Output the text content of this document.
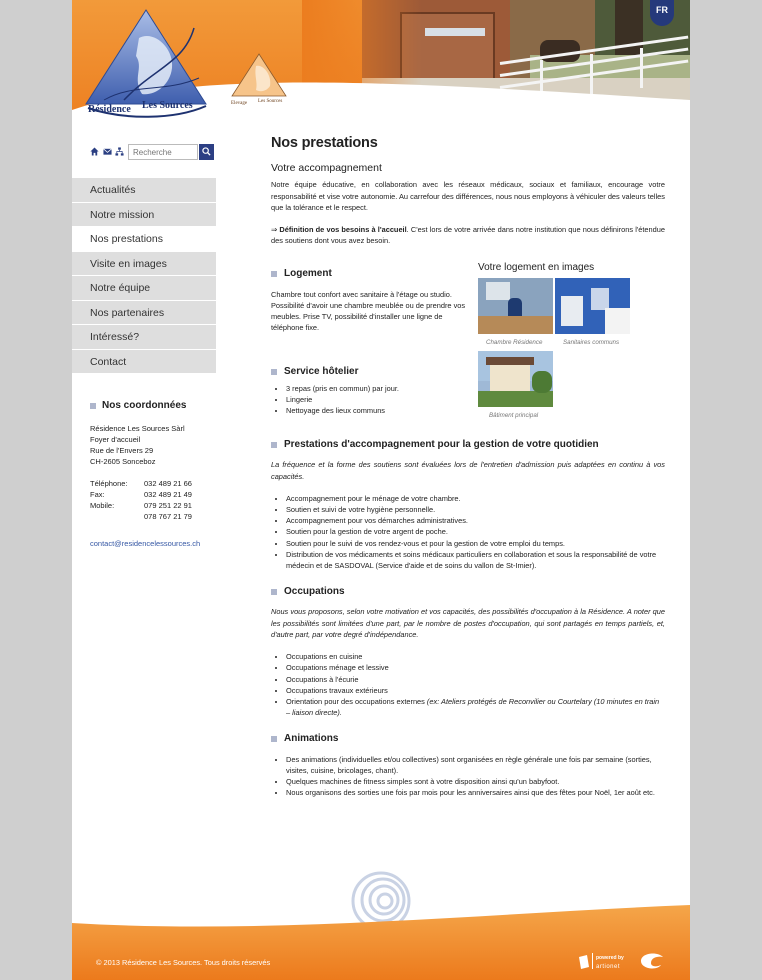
Résidence Les Sources	Elevage Les Sources
FR
Recherche
Actualités
Notre mission
Nos prestations
Visite en images
Notre équipe
Nos partenaires
Intéressé?
Contact
Nos coordonnées
Résidence Les Sources Sàrl
Foyer d'accueil
Rue de l'Envers 29
CH-2605 Sonceboz
Téléphone:	032 489 21 66
Fax:	032 489 21 49
Mobile:	079 251 22 91
078 767 21 79
contact@residencelessources.ch
Nos prestations
Votre accompagnement

Notre équipe éducative, en collaboration avec les réseaux médicaux, sociaux et familiaux, encourage votre responsabilité et vise votre autonomie. Au carrefour des différences, nous nous employons à véhiculer des valeurs telles que la tolérance et le respect.

⇒ Définition de vos besoins à l'accueil. C'est lors de votre arrivée dans notre institution que nous définirons l'étendue des soutiens dont vous avez besoin.

Votre logement en images
Chambre Résidence	Sanitaires communs
Bâtiment principal
Logement

Chambre tout confort avec sanitaire à l'étage ou studio. Possibilité d'avoir une chambre meublée ou de prendre vos meubles. Prise TV, possibilité d'installer une ligne de téléphone fixe.

Service hôtelier
• 3 repas (pris en commun) par jour.
• Lingerie
• Nettoyage des lieux communs
Prestations d'accompagnement pour la gestion de votre quotidien

La fréquence et la forme des soutiens sont évaluées lors de l'entretien d'admission puis adaptées en continu à vos capacités.

• Accompagnement pour le ménage de votre chambre.
• Soutien et suivi de votre hygiène personnelle.
• Accompagnement pour vos démarches administratives.
• Soutien pour la gestion de votre argent de poche.
• Soutien pour le suivi de vos rendez-vous et pour la gestion de votre emploi du temps.
• Distribution de vos médicaments et soins médicaux particuliers en collaboration et sous la responsabilité de votre médecin et de SASDOVAL (Service d'aide et de soins du vallon de St-Imier).
Occupations

Nous vous proposons, selon votre motivation et vos capacités, des possibilités d'occupation à la Résidence. A noter que les possibilités sont limitées d'une part, par le nombre de postes d'occupation, qui sont partagés en temps partiels, et, d'autre part, par votre degré d'indépendance.

• Occupations en cuisine
• Occupations ménage et lessive
• Occupations à l'écurie
• Occupations travaux extérieurs
• Orientation pour des occupations externes (ex: Ateliers protégés de Reconvilier ou Courtelary (10 minutes en train – liaison directe).
Animations
• Des animations (individuelles et/ou collectives) sont organisées en règle générale une fois par semaine (sorties, visites, cuisine, bricolages, chant).
• Quelques machines de fitness simples sont à votre disposition ainsi qu'un babyfoot.
• Nous organisons des sorties une fois par mois pour les anniversaires ainsi que des fêtes pour Noël, 1er août etc.
© 2013 Résidence Les Sources. Tous droits réservés	powered by
artionet
